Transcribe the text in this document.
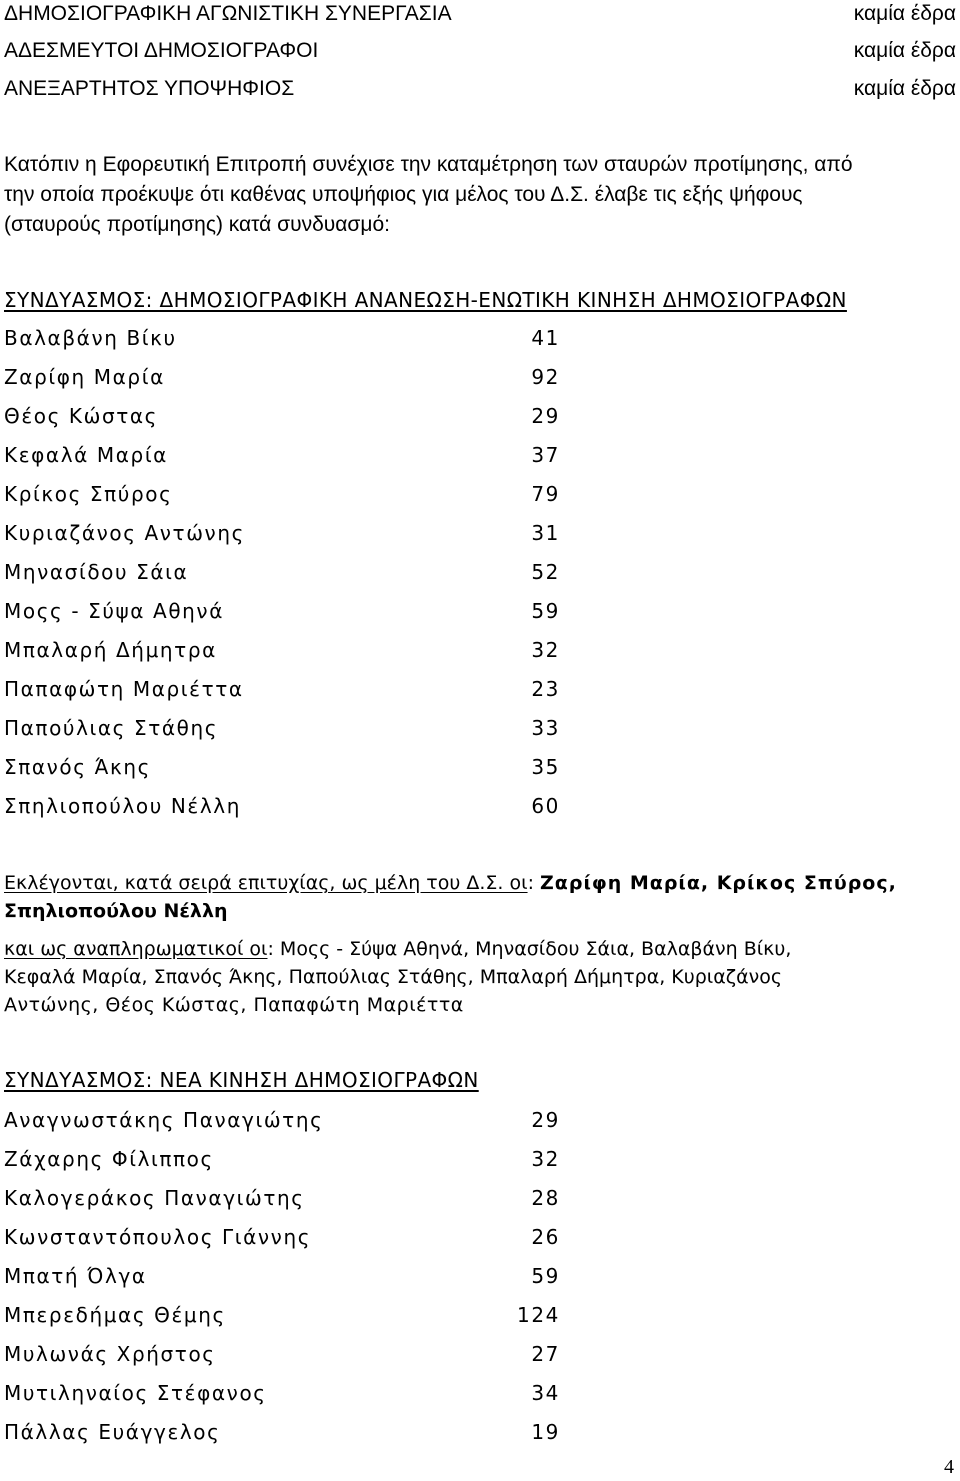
ΔΗΜΟΣΙΟΓΡΑΦΙΚΗ ΑΓΩΝΙΣΤΙΚΗ ΣΥΝΕΡΓΑΣΙΑ	καμία έδρα
ΑΔΕΣΜΕΥΤΟΙ ΔΗΜΟΣΙΟΓΡΑΦΟΙ	καμία έδρα
ΑΝΕΞΑΡΤΗΤΟΣ ΥΠΟΨΗΦΙΟΣ	καμία έδρα
Κατόπιν η Εφορευτική Επιτροπή συνέχισε την καταμέτρηση των σταυρών προτίμησης, από
την οποία προέκυψε ότι καθένας υποψήφιος για μέλος του Δ.Σ. έλαβε τις εξής ψήφους
(σταυρούς προτίμησης) κατά συνδυασμό:
ΣΥΝΔΥΑΣΜΟΣ: ΔΗΜΟΣΙΟΓΡΑΦΙΚΗ ΑΝΑΝΕΩΣΗ-ΕΝΩΤΙΚΗ ΚΙΝΗΣΗ ΔΗΜΟΣΙΟΓΡΑΦΩΝ
Βαλαβάνη Βίκυ	41
Ζαρίφη Μαρία	92
Θέος Κώστας	29
Κεφαλά Μαρία	37
Κρίκος Σπύρος	79
Κυριαζάνος Αντώνης	31
Μηνασίδου Σάια	52
Μοςς - Σύψα Αθηνά	59
Μπαλαρή Δήμητρα	32
Παπαφώτη Μαριέττα	23
Παπούλιας Στάθης	33
Σπανός Άκης	35
Σπηλιοπούλου Νέλλη	60
Εκλέγονται, κατά σειρά επιτυχίας, ως μέλη του Δ.Σ. οι: Ζαρίφη Μαρία, Κρίκος Σπύρος,
Σπηλιοπούλου Νέλλη
και ως αναπληρωματικοί οι: Μοςς - Σύψα Αθηνά, Μηνασίδου Σάια, Βαλαβάνη Βίκυ,
Κεφαλά Μαρία, Σπανός Άκης, Παπούλιας Στάθης, Μπαλαρή Δήμητρα, Κυριαζάνος
Αντώνης, Θέος Κώστας, Παπαφώτη Μαριέττα
ΣΥΝΔΥΑΣΜΟΣ: ΝΕΑ ΚΙΝΗΣΗ ΔΗΜΟΣΙΟΓΡΑΦΩΝ
Αναγνωστάκης Παναγιώτης	29
Ζάχαρης Φίλιππος	32
Καλογεράκος Παναγιώτης	28
Κωνσταντόπουλος Γιάννης	26
Μπατή Όλγα	59
Μπερεδήμας Θέμης	124
Μυλωνάς Χρήστος	27
Μυτιληναίος Στέφανος	34
Πάλλας Ευάγγελος	19
4
